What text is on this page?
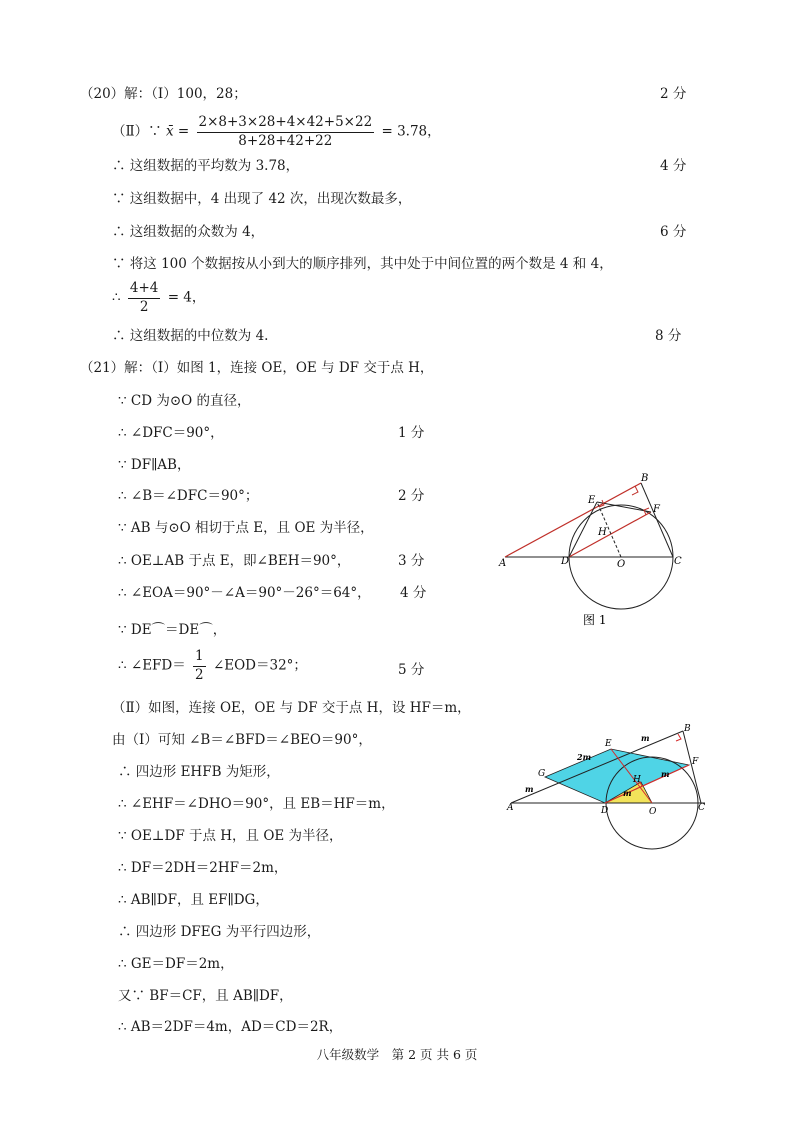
（20）解：（Ⅰ）100，28；	2 分
（Ⅱ）∵ x̄ = $\frac{2\times 8+3\times 28+4\times 42+5\times 22}{8+28+42+22} = 3.78$，
∴ 这组数据的平均数为 3.78，	4 分
∵ 这组数据中，4 出现了 42 次，出现次数最多，
∴ 这组数据的众数为 4，	6 分
∵ 将这 100 个数据按从小到大的顺序排列，其中处于中间位置的两个数是 4 和 4，
∴ $\frac{4+4}{2} = 4$，
∴ 这组数据的中位数为 4.	8 分
（21）解：（Ⅰ）如图 1，连接 OE，OE 与 DF 交于点 H，
∵ CD 为⊙O 的直径，
∴ ∠DFC＝90°，	1 分
∵ DF∥AB，
∴ ∠B＝∠DFC＝90°；	2 分
∵ AB 与⊙O 相切于点 E，且 OE 为半径，
∴ OE⊥AB 于点 E，即∠BEH＝90°，	3 分
∴ ∠EOA＝90°－∠A＝90°－26°＝64°， 4 分
∵ DE⌒＝DE⌒，
∴ ∠EFD＝ $\frac{1}{2}$ ∠EOD＝32°；	5 分
（Ⅱ）如图，连接 OE，OE 与 DF 交于点 H，设 HF＝m，
由（Ⅰ）可知 ∠B＝∠BFD＝∠BEO＝90°，
∴ 四边形 EHFB 为矩形，
∴ ∠EHF＝∠DHO＝90°，且 EB＝HF＝m，
∵ OE⊥DF 于点 H，且 OE 为半径，
∴ DF＝2DH＝2HF＝2m，
∴ AB∥DF，且 EF∥DG，
∴ 四边形 DFEG 为平行四边形，
∴ GE＝DF＝2m，
又∵ BF＝CF，且 AB∥DF，
∴ AB＝2DF＝4m，AD＝CD＝2R，
A
B
C
D
E
F
H
O
图 1
A
B
C
D
E
F
G
H
O
2m
m
m
m
m
八年级数学　第 2 页 共 6 页
